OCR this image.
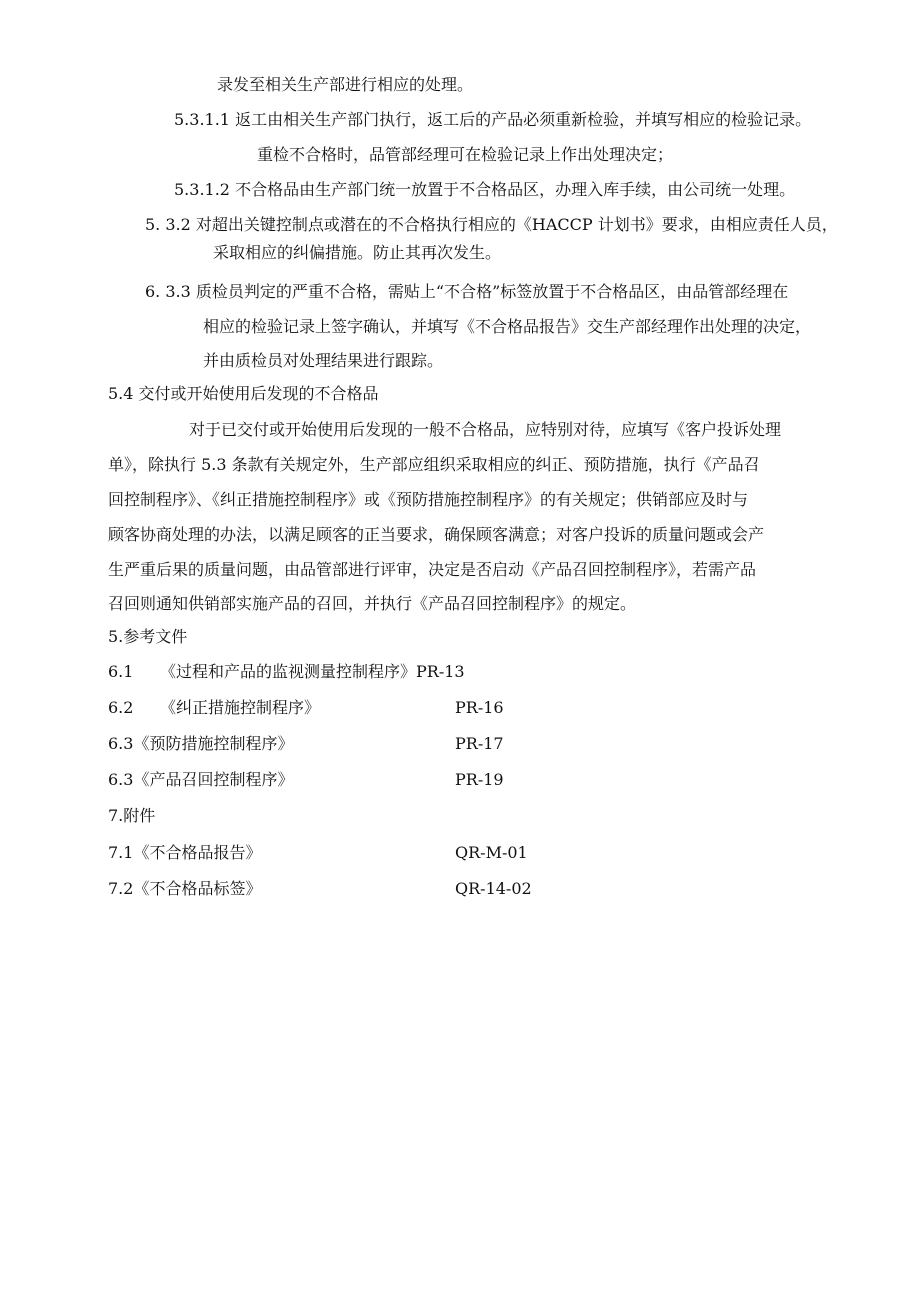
录发至相关生产部进行相应的处理。
5.3.1.1 返工由相关生产部门执行，返工后的产品必须重新检验，并填写相应的检验记录。
重检不合格时，品管部经理可在检验记录上作出处理决定；
5.3.1.2 不合格品由生产部门统一放置于不合格品区，办理入库手续，由公司统一处理。
5. 3.2 对超出关键控制点或潜在的不合格执行相应的《HACCP 计划书》要求，由相应责任人员，
采取相应的纠偏措施。防止其再次发生。
6. 3.3 质检员判定的严重不合格，需贴上“不合格”标签放置于不合格品区，由品管部经理在
相应的检验记录上签字确认，并填写《不合格品报告》交生产部经理作出处理的决定，
并由质检员对处理结果进行跟踪。
5.4 交付或开始使用后发现的不合格品
对于已交付或开始使用后发现的一般不合格品，应特别对待，应填写《客户投诉处理
单》，除执行 5.3 条款有关规定外，生产部应组织采取相应的纠正、预防措施，执行《产品召
回控制程序》、《纠正措施控制程序》或《预防措施控制程序》的有关规定；供销部应及时与
顾客协商处理的办法，以满足顾客的正当要求，确保顾客满意；对客户投诉的质量问题或会产
生严重后果的质量问题，由品管部进行评审，决定是否启动《产品召回控制程序》，若需产品
召回则通知供销部实施产品的召回，并执行《产品召回控制程序》的规定。
5.参考文件
6.1 《过程和产品的监视测量控制程序》PR-13
6.2 《纠正措施控制程序》	PR-16
6.3《预防措施控制程序》	PR-17
6.3《产品召回控制程序》	PR-19
7.附件
7.1《不合格品报告》	QR-M-01
7.2《不合格品标签》	QR-14-02
